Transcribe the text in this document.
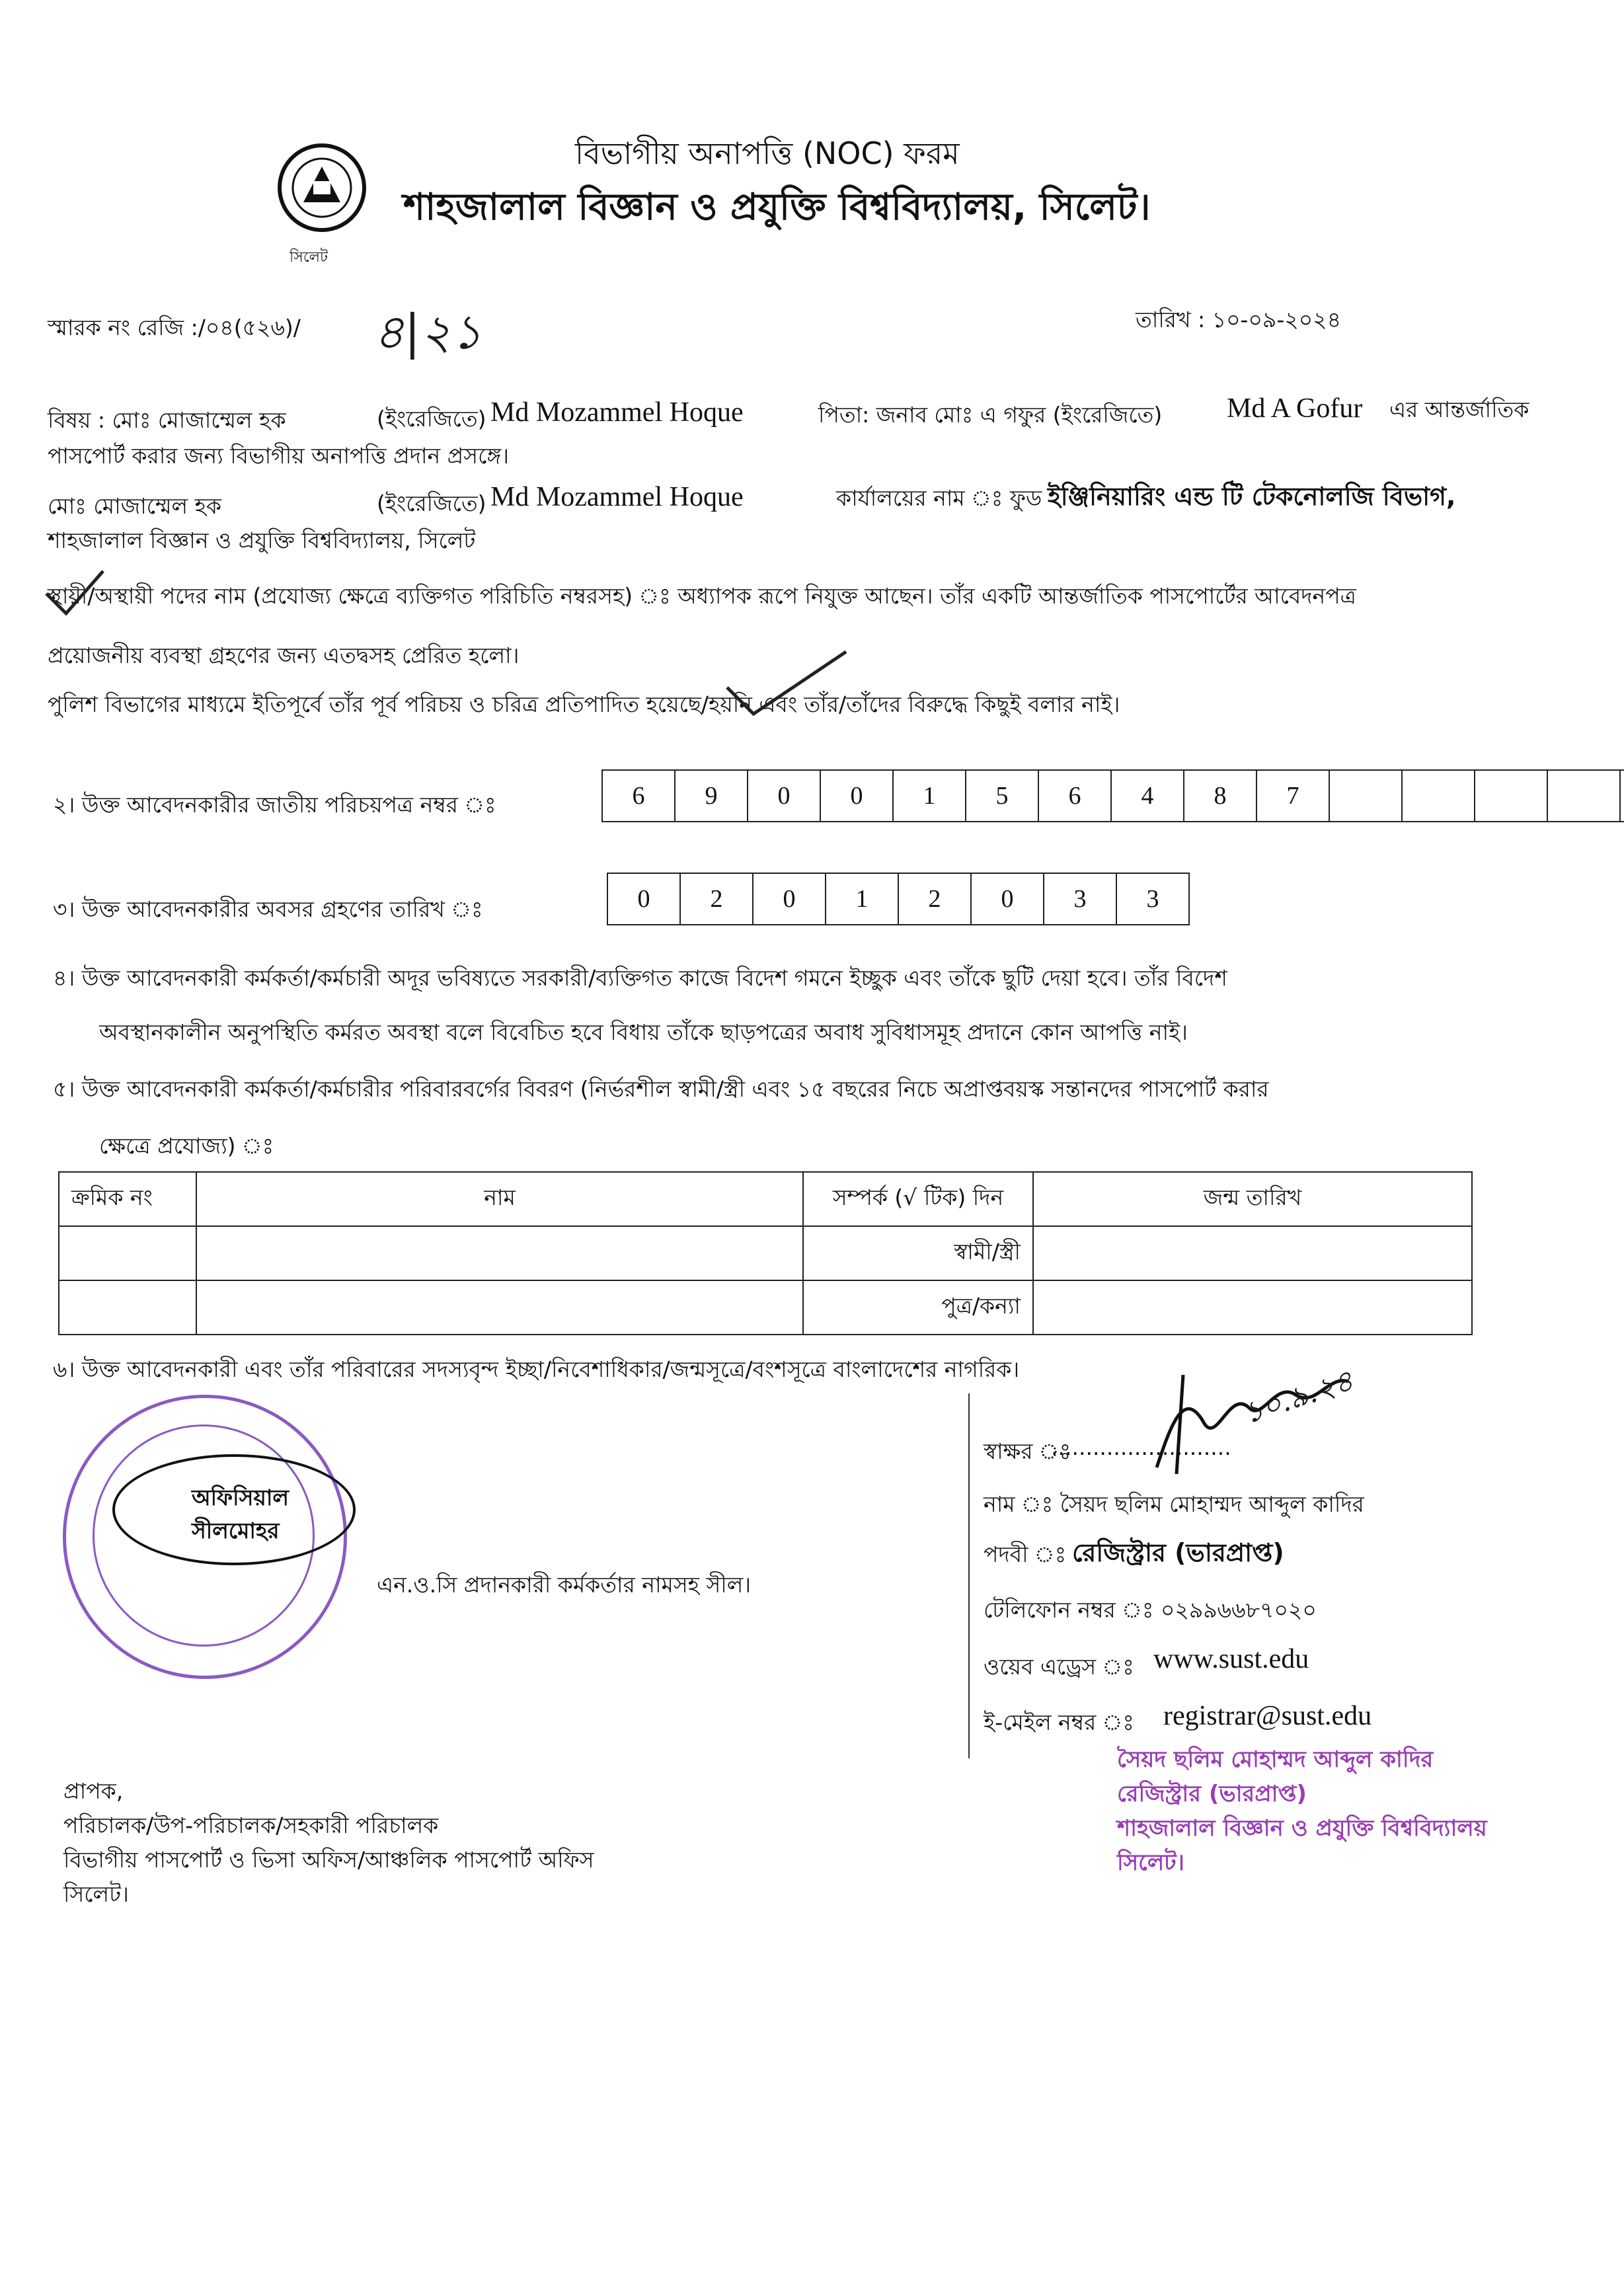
সিলেট
বিভাগীয় অনাপত্তি (NOC) ফরম
শাহজালাল বিজ্ঞান ও প্রযুক্তি বিশ্ববিদ্যালয়, সিলেট।
স্মারক নং রেজি :/০৪(৫২৬)/ ৪|২১	তারিখ : ১০-০৯-২০২৪
বিষয় : মোঃ মোজাম্মেল হক	(ইংরেজিতে) Md Mozammel Hoque	পিতা: জনাব মোঃ এ গফুর (ইংরেজিতে) Md A Gofur এর আন্তর্জাতিক
পাসপোর্ট করার জন্য বিভাগীয় অনাপত্তি প্রদান প্রসঙ্গে।
মোঃ মোজাম্মেল হক	(ইংরেজিতে) Md Mozammel Hoque	কার্যালয়ের নাম ঃ ফুড ইঞ্জিনিয়ারিং এন্ড টি টেকনোলজি বিভাগ,
শাহজালাল বিজ্ঞান ও প্রযুক্তি বিশ্ববিদ্যালয়, সিলেট
স্থায়ী/অস্থায়ী পদের নাম (প্রযোজ্য ক্ষেত্রে ব্যক্তিগত পরিচিতি নম্বরসহ) ঃ অধ্যাপক রূপে নিযুক্ত আছেন। তাঁর একটি আন্তর্জাতিক পাসপোর্টের আবেদনপত্র
প্রয়োজনীয় ব্যবস্থা গ্রহণের জন্য এতদ্বসহ প্রেরিত হলো।
পুলিশ বিভাগের মাধ্যমে ইতিপূর্বে তাঁর পূর্ব পরিচয় ও চরিত্র প্রতিপাদিত হয়েছে/হয়নি এবং তাঁর/তাঁদের বিরুদ্ধে কিছুই বলার নাই।
২। উক্ত আবেদনকারীর জাতীয় পরিচয়পত্র নম্বর ঃ	6	9	0	0	1	5	6	4	8	7
৩। উক্ত আবেদনকারীর অবসর গ্রহণের তারিখ ঃ	0	2	0	1	2	0	3	3
৪। উক্ত আবেদনকারী কর্মকর্তা/কর্মচারী অদূর ভবিষ্যতে সরকারী/ব্যক্তিগত কাজে বিদেশ গমনে ইচ্ছুক এবং তাঁকে ছুটি দেয়া হবে। তাঁর বিদেশ
অবস্থানকালীন অনুপস্থিতি কর্মরত অবস্থা বলে বিবেচিত হবে বিধায় তাঁকে ছাড়পত্রের অবাধ সুবিধাসমূহ প্রদানে কোন আপত্তি নাই।
৫। উক্ত আবেদনকারী কর্মকর্তা/কর্মচারীর পরিবারবর্গের বিবরণ (নির্ভরশীল স্বামী/স্ত্রী এবং ১৫ বছরের নিচে অপ্রাপ্তবয়স্ক সন্তানদের পাসপোর্ট করার
ক্ষেত্রে প্রযোজ্য) ঃ
ক্রমিক নং	নাম	সম্পর্ক (√ টিক) দিন	জন্ম তারিখ
		স্বামী/স্ত্রী	
		পুত্র/কন্যা	
৬। উক্ত আবেদনকারী এবং তাঁর পরিবারের সদস্যবৃন্দ ইচ্ছা/নিবেশাধিকার/জন্মসূত্রে/বংশসূত্রে বাংলাদেশের নাগরিক।
অফিসিয়াল
সীলমোহর
এন.ও.সি প্রদানকারী কর্মকর্তার নামসহ সীল।
স্বাক্ষর ঃ
..........................
১০.৯.২৪
নাম ঃ সৈয়দ ছলিম মোহাম্মদ আব্দুল কাদির
পদবী ঃ রেজিস্ট্রার (ভারপ্রাপ্ত)
টেলিফোন নম্বর ঃ ০২৯৯৬৬৮৭০২০
ওয়েব এড্রেস ঃ www.sust.edu
ই-মেইল নম্বর ঃ registrar@sust.edu
সৈয়দ ছলিম মোহাম্মদ আব্দুল কাদির
রেজিস্ট্রার (ভারপ্রাপ্ত)
শাহজালাল বিজ্ঞান ও প্রযুক্তি বিশ্ববিদ্যালয়
সিলেট।
প্রাপক,
পরিচালক/উপ-পরিচালক/সহকারী পরিচালক
বিভাগীয় পাসপোর্ট ও ভিসা অফিস/আঞ্চলিক পাসপোর্ট অফিস
সিলেট।
